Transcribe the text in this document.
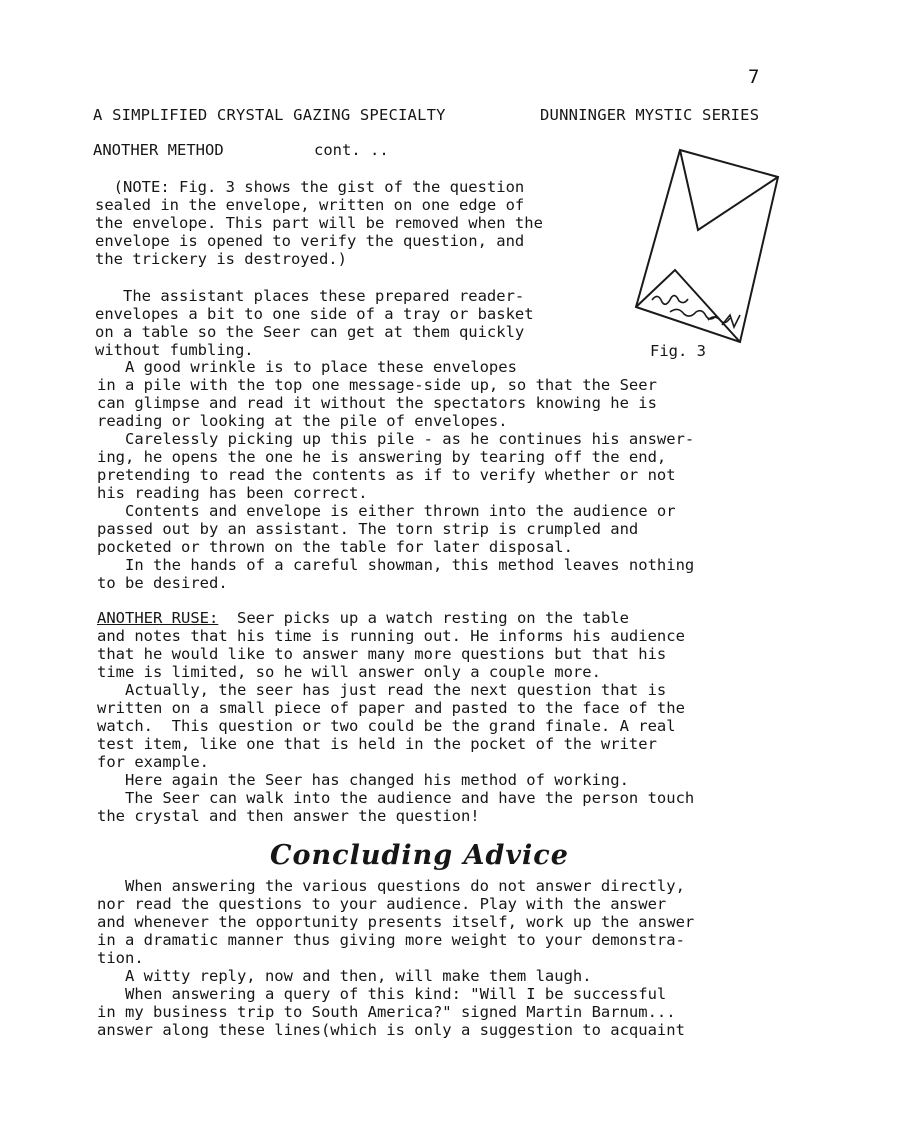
7
A SIMPLIFIED CRYSTAL GAZING SPECIALTY	DUNNINGER MYSTIC SERIES
ANOTHER METHOD	cont. ..

(NOTE: Fig. 3 shows the gist of the question
sealed in the envelope, written on one edge of
the envelope. This part will be removed when the
envelope is opened to verify the question, and
the trickery is destroyed.)

Fig. 3

The assistant places these prepared reader-
envelopes a bit to one side of a tray or basket
on a table so the Seer can get at them quickly
without fumbling.

A good wrinkle is to place these envelopes
in a pile with the top one message-side up, so that the Seer
can glimpse and read it without the spectators knowing he is
reading or looking at the pile of envelopes.
Carelessly picking up this pile - as he continues his answer-
ing, he opens the one he is answering by tearing off the end,
pretending to read the contents as if to verify whether or not
his reading has been correct.
Contents and envelope is either thrown into the audience or
passed out by an assistant. The torn strip is crumpled and
pocketed or thrown on the table for later disposal.
In the hands of a careful showman, this method leaves nothing
to be desired.

ANOTHER RUSE:  Seer picks up a watch resting on the table
and notes that his time is running out. He informs his audience
that he would like to answer many more questions but that his
time is limited, so he will answer only a couple more.
Actually, the seer has just read the next question that is
written on a small piece of paper and pasted to the face of the
watch.  This question or two could be the grand finale. A real
test item, like one that is held in the pocket of the writer
for example.
Here again the Seer has changed his method of working.
The Seer can walk into the audience and have the person touch
the crystal and then answer the question!

Concluding Advice

When answering the various questions do not answer directly,
nor read the questions to your audience. Play with the answer
and whenever the opportunity presents itself, work up the answer
in a dramatic manner thus giving more weight to your demonstra-
tion.
A witty reply, now and then, will make them laugh.
When answering a query of this kind: "Will I be successful
in my business trip to South America?" signed Martin Barnum...
answer along these lines(which is only a suggestion to acquaint
